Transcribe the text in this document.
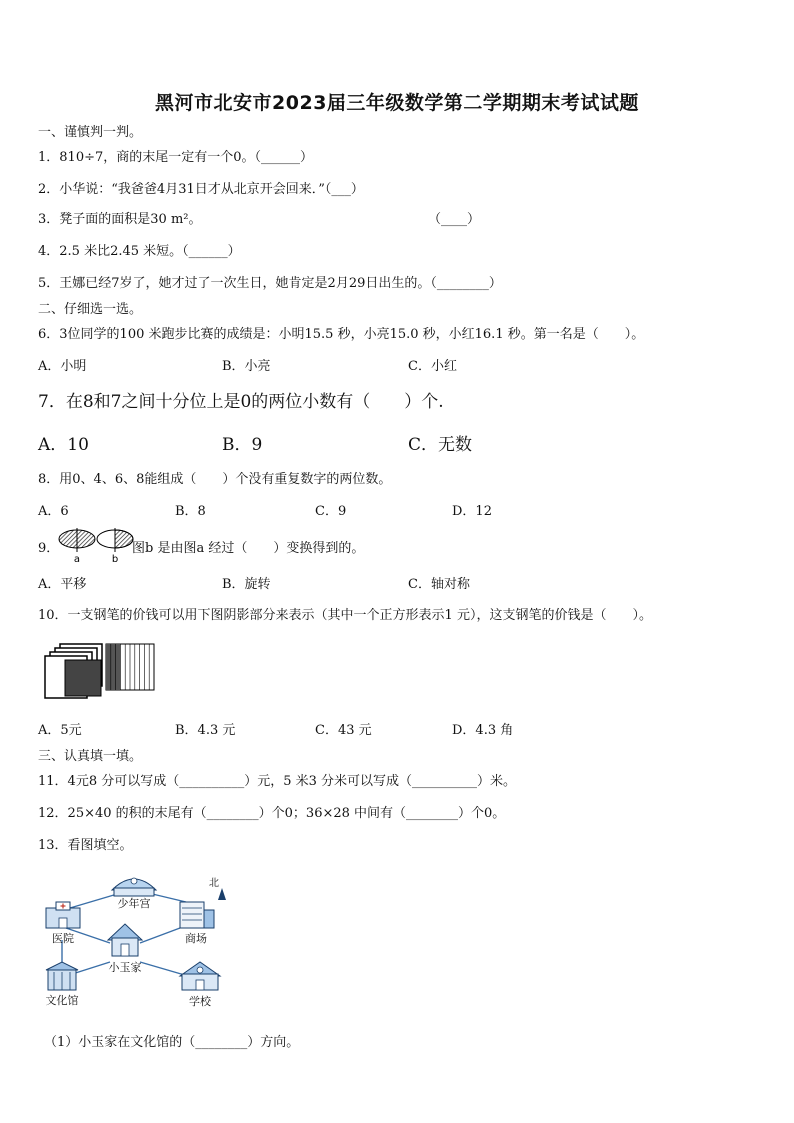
黑河市北安市2023届三年级数学第二学期期末考试试题
一、谨慎判一判。
1．810÷7，商的末尾一定有一个0。（______）
2．小华说：“我爸爸4月31日才从北京开会回来．”（___）
3．凳子面的面积是30 m²。	（____）
4．2.5 米比2.45 米短。（______）
5．王娜已经7岁了，她才过了一次生日，她肯定是2月29日出生的。（________）
二、仔细选一选。
6．3位同学的100 米跑步比赛的成绩是：小明15.5 秒，小亮15.0 秒，小红16.1 秒。第一名是（　　）。
A．小明	B．小亮	C．小红
7．在8和7之间十分位上是0的两位小数有（　　）个.
A．10	B．9	C．无数
8．用0、4、6、8能组成（　　）个没有重复数字的两位数。
A．6	B．8	C．9	D．12
9．
a	b
图b 是由图a 经过（　　）变换得到的。
A．平移	B．旋转	C．轴对称
10．一支钢笔的价钱可以用下图阴影部分来表示（其中一个正方形表示1 元），这支钢笔的价钱是（　　）。
A．5元	B．4.3 元	C．43 元	D．4.3 角
三、认真填一填。
11．4元8 分可以写成（__________）元，5 米3 分米可以写成（__________）米。
12．25×40 的积的末尾有（________）个0；36×28 中间有（________）个0。
13．看图填空。
少年宫
医院	商场
北
小玉家
文化馆	学校
（1）小玉家在文化馆的（________）方向。
